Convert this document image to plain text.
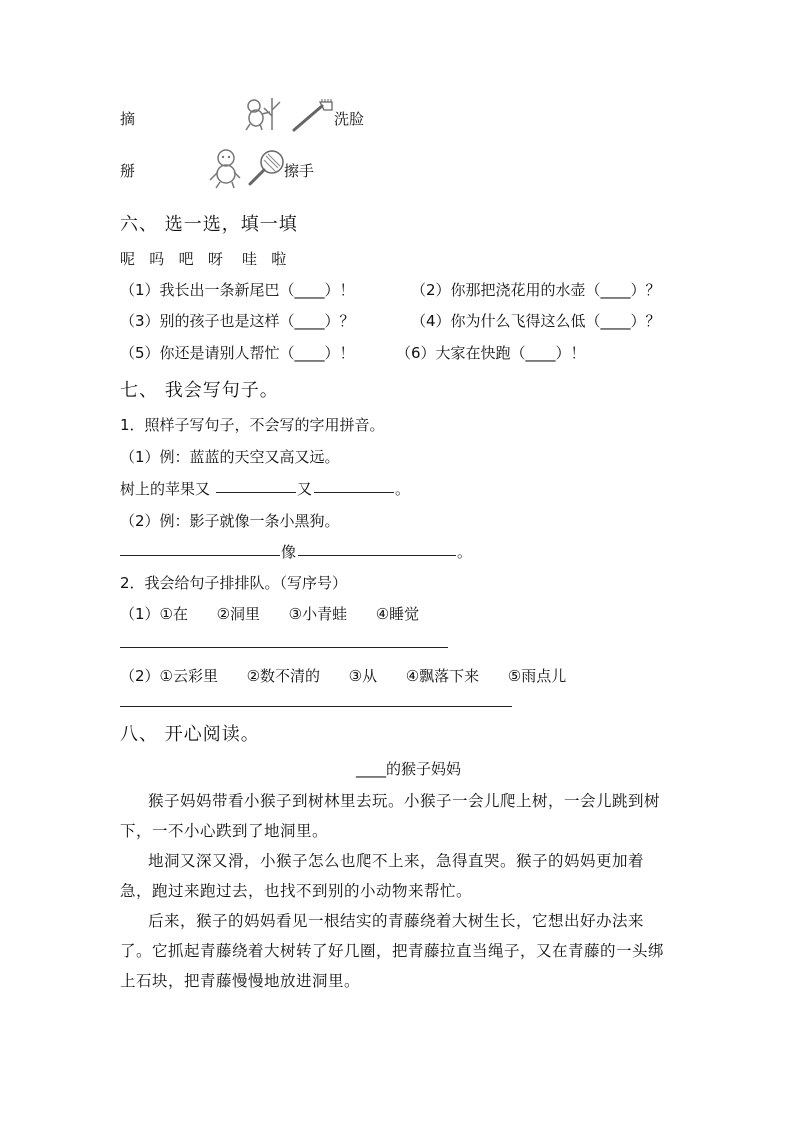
摘	洗脸
掰	擦手
六、 选一选，填一填
呢   吗   吧   呀    哇   啦
（1）我长出一条新尾巴（____）！	（2）你那把浇花用的水壶（____）？
（3）别的孩子也是这样（____）？	（4）你为什么飞得这么低（____）？
（5）你还是请别人帮忙（____）！	（6）大家在快跑（____）！
七、 我会写句子。
1．照样子写句子，不会写的字用拼音。
（1）例：蓝蓝的天空又高又远。
树上的苹果又	又	。
（2）例：影子就像一条小黑狗。
像	。
2．我会给句子排排队。（写序号）
（1）①在      ②洞里      ③小青蛙      ④睡觉
（2）①云彩里      ②数不清的      ③从      ④飘落下来      ⑤雨点儿
八、 开心阅读。
____的猴子妈妈
猴子妈妈带看小猴子到树林里去玩。小猴子一会儿爬上树，一会儿跳到树下，一不小心跌到了地洞里。
地洞又深又滑，小猴子怎么也爬不上来，急得直哭。猴子的妈妈更加着急，跑过来跑过去，也找不到别的小动物来帮忙。
后来，猴子的妈妈看见一根结实的青藤绕着大树生长，它想出好办法来了。它抓起青藤绕着大树转了好几圈，把青藤拉直当绳子，又在青藤的一头绑上石块，把青藤慢慢地放进洞里。
